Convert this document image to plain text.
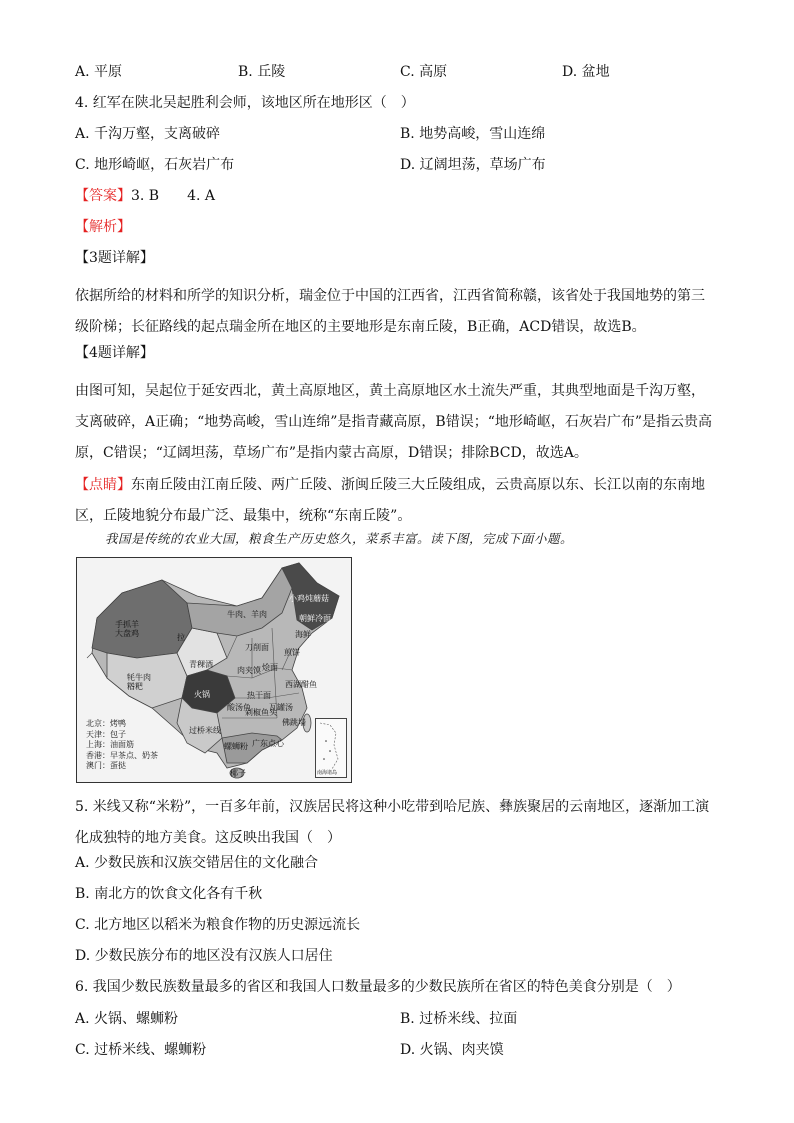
A. 平原	B. 丘陵	C. 高原	D. 盆地
4. 红军在陕北吴起胜利会师，该地区所在地形区（　）
A. 千沟万壑，支离破碎	B. 地势高峻，雪山连绵
C. 地形崎岖，石灰岩广布	D. 辽阔坦荡，草场广布
【答案】3. B　　4. A
【解析】
【3题详解】
依据所给的材料和所学的知识分析，瑞金位于中国的江西省，江西省简称赣，该省处于我国地势的第三级阶梯；长征路线的起点瑞金所在地区的主要地形是东南丘陵，B正确，ACD错误，故选B。
【4题详解】
由图可知，吴起位于延安西北，黄土高原地区，黄土高原地区水土流失严重，其典型地面是千沟万壑，支离破碎，A正确；“地势高峻，雪山连绵”是指青藏高原，B错误；“地形崎岖，石灰岩广布”是指云贵高原，C错误；“辽阔坦荡，草场广布”是指内蒙古高原，D错误；排除BCD，故选A。
【点睛】东南丘陵由江南丘陵、两广丘陵、浙闽丘陵三大丘陵组成，云贵高原以东、长江以南的东南地区，丘陵地貌分布最广泛、最集中，统称“东南丘陵”。
我国是传统的农业大国，粮食生产历史悠久，菜系丰富。读下图，完成下面小题。
手抓羊
大盘鸡	拉
青稞酒
牦牛肉
糌粑
火锅
牛肉、羊肉
小鸡炖蘑菇
朝鲜冷面
海鲜
刀削面
肉夹馍 烩面
煎饼
热干面
酸汤鱼
剁椒鱼头
瓦罐汤
西湖醋鱼
佛跳墙
过桥米线
螺蛳粉 广东点心
椰子
北京：烤鸭
天津：包子
上海：油面筋
香港：早茶点、奶茶
澳门：蛋挞
南海诸岛
5. 米线又称“米粉”，一百多年前，汉族居民将这种小吃带到哈尼族、彝族聚居的云南地区，逐渐加工演化成独特的地方美食。这反映出我国（　）
A. 少数民族和汉族交错居住的文化融合
B. 南北方的饮食文化各有千秋
C. 北方地区以稻米为粮食作物的历史源远流长
D. 少数民族分布的地区没有汉族人口居住
6. 我国少数民族数量最多的省区和我国人口数量最多的少数民族所在省区的特色美食分别是（　）
A. 火锅、螺蛳粉	B. 过桥米线、拉面
C. 过桥米线、螺蛳粉	D. 火锅、肉夹馍
